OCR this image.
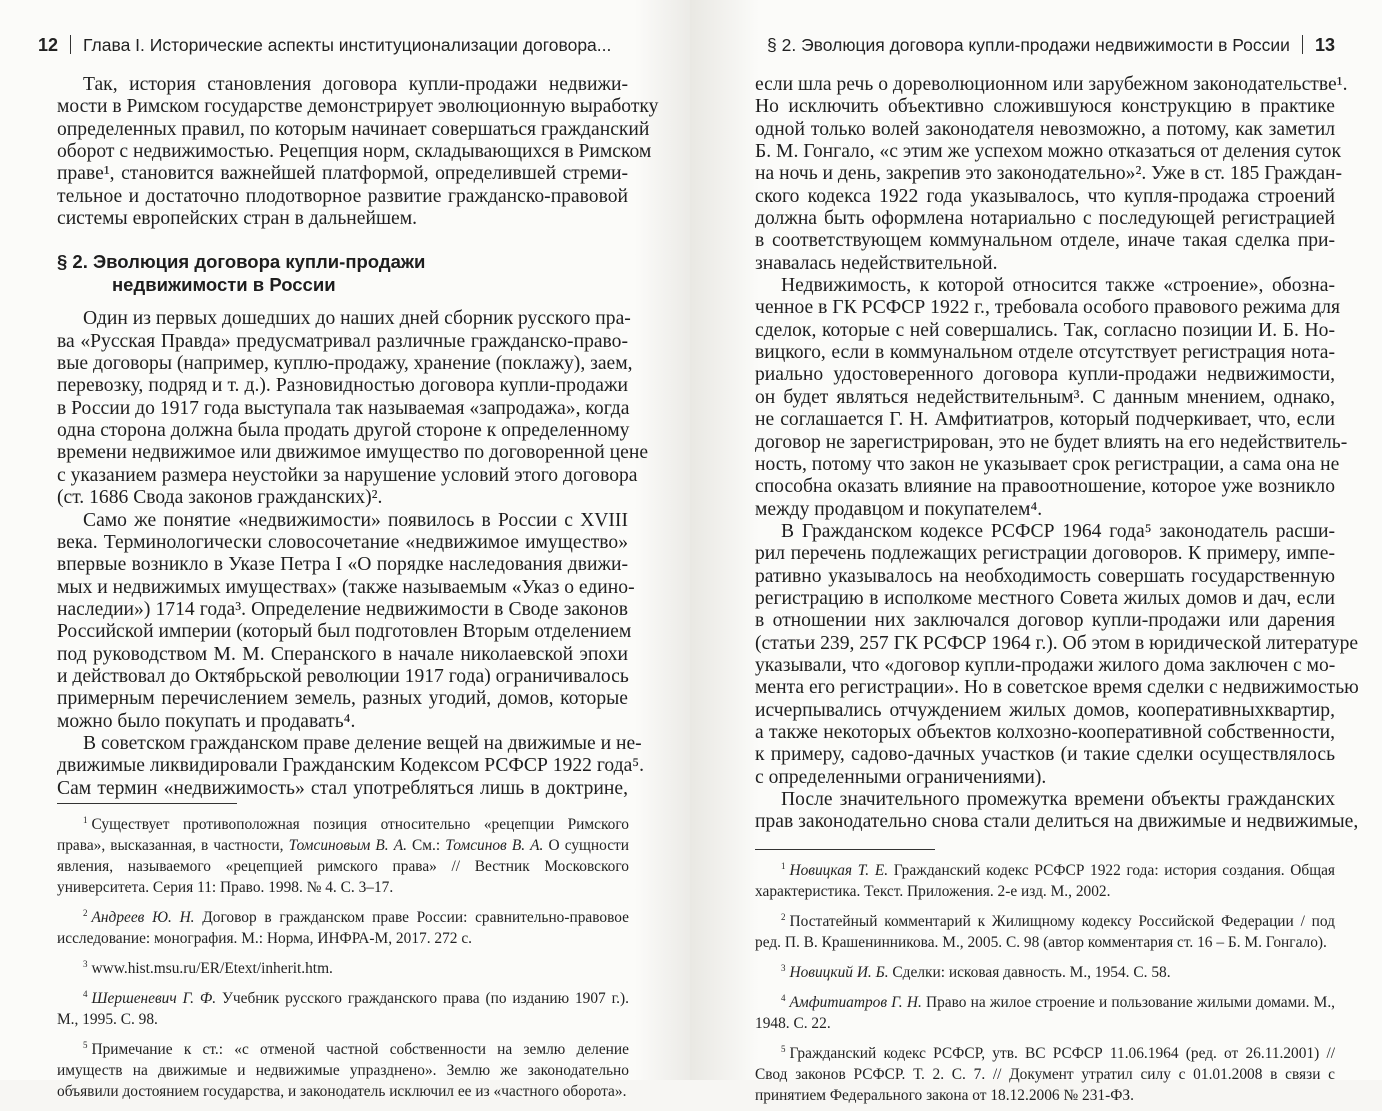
12 Глава I. Исторические аспекты институционализации договора...
Так, история становления договора купли-продажи недвижи-
мости в Римском государстве демонстрирует эволюционную выработку
определенных правил, по которым начинает совершаться гражданский
оборот с недвижимостью. Рецепция норм, складывающихся в Римском
праве¹, становится важнейшей платформой, определившей стреми-
тельное и достаточно плодотворное развитие гражданско-правовой
системы европейских стран в дальнейшем.
§ 2. Эволюция договора купли-продажи
недвижимости в России
Один из первых дошедших до наших дней сборник русского пра-
ва «Русская Правда» предусматривал различные гражданско-право-
вые договоры (например, куплю-продажу, хранение (поклажу), заем,
перевозку, подряд и т. д.). Разновидностью договора купли-продажи
в России до 1917 года выступала так называемая «запродажа», когда
одна сторона должна была продать другой стороне к определенному
времени недвижимое или движимое имущество по договоренной цене
с указанием размера неустойки за нарушение условий этого договора
(ст. 1686 Свода законов гражданских)².
Само же понятие «недвижимости» появилось в России с XVIII
века. Терминологически словосочетание «недвижимое имущество»
впервые возникло в Указе Петра I «О порядке наследования движи-
мых и недвижимых имуществах» (также называемым «Указ о едино-
наследии») 1714 года³. Определение недвижимости в Своде законов
Российской империи (который был подготовлен Вторым отделением
под руководством М. М. Сперанского в начале николаевской эпохи
и действовал до Октябрьской революции 1917 года) ограничивалось
примерным перечислением земель, разных угодий, домов, которые
можно было покупать и продавать⁴.
В советском гражданском праве деление вещей на движимые и не-
движимые ликвидировали Гражданским Кодексом РСФСР 1922 года⁵.
Сам термин «недвижимость» стал употребляться лишь в доктрине,
$^1$ Существует противоположная позиция относительно «рецепции Римского права», высказанная, в частности, Томсиновым В. А. См.: Томсинов В. А. О сущности явления, называемого «рецепцией римского права» // Вестник Московского университета. Серия 11: Право. 1998. № 4. С. 3–17.
$^2$ Андреев Ю. Н. Договор в гражданском праве России: сравнительно-правовое исследование: монография. М.: Норма, ИНФРА-М, 2017. 272 с.
$^3$ www.hist.msu.ru/ER/Etext/inherit.htm.
$^4$ Шершеневич Г. Ф. Учебник русского гражданского права (по изданию 1907 г.). М., 1995. С. 98.
$^5$ Примечание к ст.: «с отменой частной собственности на землю деление имуществ на движимые и недвижимые упразднено». Землю же законодательно объявили достоянием государства, и законодатель исключил ее из «частного оборота».
§ 2. Эволюция договора купли-продажи недвижимости в России 13
если шла речь о дореволюционном или зарубежном законодательстве¹.
Но исключить объективно сложившуюся конструкцию в практике
одной только волей законодателя невозможно, а потому, как заметил
Б. М. Гонгало, «с этим же успехом можно отказаться от деления суток
на ночь и день, закрепив это законодательно»². Уже в ст. 185 Граждан-
ского кодекса 1922 года указывалось, что купля-продажа строений
должна быть оформлена нотариально с последующей регистрацией
в соответствующем коммунальном отделе, иначе такая сделка при-
знавалась недействительной.
Недвижимость, к которой относится также «строение», обозна-
ченное в ГК РСФСР 1922 г., требовала особого правового режима для
сделок, которые с ней совершались. Так, согласно позиции И. Б. Но-
вицкого, если в коммунальном отделе отсутствует регистрация нота-
риально удостоверенного договора купли-продажи недвижимости,
он будет являться недействительным³. С данным мнением, однако,
не соглашается Г. Н. Амфитиатров, который подчеркивает, что, если
договор не зарегистрирован, это не будет влиять на его недействитель-
ность, потому что закон не указывает срок регистрации, а сама она не
способна оказать влияние на правоотношение, которое уже возникло
между продавцом и покупателем⁴.
В Гражданском кодексе РСФСР 1964 года⁵ законодатель расши-
рил перечень подлежащих регистрации договоров. К примеру, импе-
ративно указывалось на необходимость совершать государственную
регистрацию в исполкоме местного Совета жилых домов и дач, если
в отношении них заключался договор купли-продажи или дарения
(статьи 239, 257 ГК РСФСР 1964 г.). Об этом в юридической литературе
указывали, что «договор купли-продажи жилого дома заключен с мо-
мента его регистрации». Но в советское время сделки с недвижимостью
исчерпывались отчуждением жилых домов, кооперативныхквартир,
а также некоторых объектов колхозно-кооперативной собственности,
к примеру, садово-дачных участков (и такие сделки осуществлялось
с определенными ограничениями).
После значительного промежутка времени объекты гражданских
прав законодательно снова стали делиться на движимые и недвижимые,
$^1$ Новицкая Т. Е. Гражданский кодекс РСФСР 1922 года: история создания. Общая характеристика. Текст. Приложения. 2-е изд. М., 2002.
$^2$ Постатейный комментарий к Жилищному кодексу Российской Федерации / под ред. П. В. Крашенинникова. М., 2005. С. 98 (автор комментария ст. 16 – Б. М. Гонгало).
$^3$ Новицкий И. Б. Сделки: исковая давность. М., 1954. С. 58.
$^4$ Амфитиатров Г. Н. Право на жилое строение и пользование жилыми домами. М., 1948. С. 22.
$^5$ Гражданский кодекс РСФСР, утв. ВС РСФСР 11.06.1964 (ред. от 26.11.2001) // Свод законов РСФСР. Т. 2. С. 7. // Документ утратил силу с 01.01.2008 в связи с принятием Федерального закона от 18.12.2006 № 231-ФЗ.
